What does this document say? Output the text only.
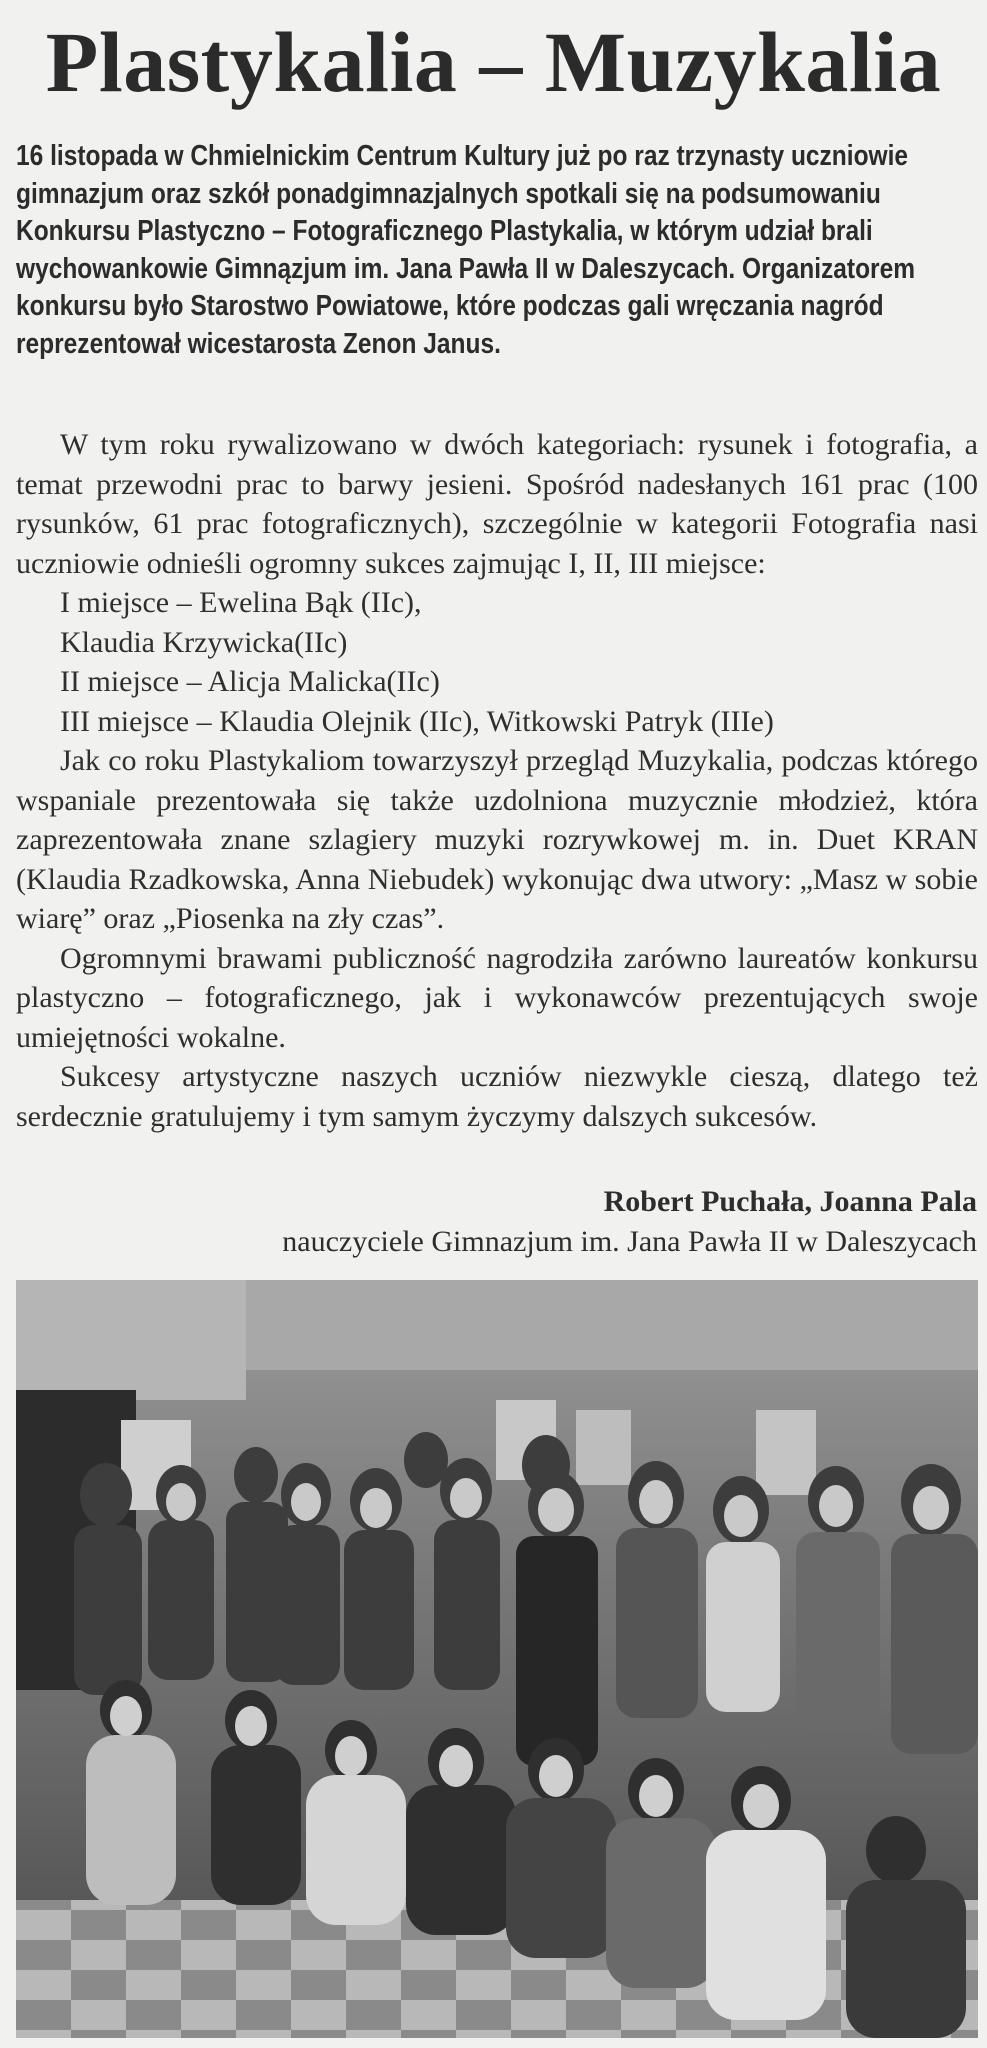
Plastykalia – Muzykalia

16 listopada w Chmielnickim Centrum Kultury już po raz trzynasty uczniowie gimnazjum oraz szkół ponadgimnazjalnych spotkali się na podsumowaniu Konkursu Plastyczno – Fotograficznego Plastykalia, w którym udział brali wychowankowie Gimnązjum im. Jana Pawła II w Daleszycach. Organizatorem konkursu było Starostwo Powiatowe, które podczas gali wręczania nagród reprezentował wicestarosta Zenon Janus.

W tym roku rywalizowano w dwóch kategoriach: rysunek i fotografia, a temat przewodni prac to barwy jesieni. Spośród nadesłanych 161 prac (100 rysunków, 61 prac fotograficznych), szczególnie w kategorii Fotografia nasi uczniowie odnieśli ogromny sukces zajmując I, II, III miejsce:

I miejsce – Ewelina Bąk (IIc),

Klaudia Krzywicka(IIc)

II miejsce – Alicja Malicka(IIc)

III miejsce – Klaudia Olejnik (IIc), Witkowski Patryk (IIIe)

Jak co roku Plastykaliom towarzyszył przegląd Muzykalia, podczas którego wspaniale prezentowała się także uzdolniona muzycznie młodzież, która zaprezentowała znane szlagiery muzyki rozrywkowej m. in. Duet KRAN (Klaudia Rzadkowska, Anna Niebudek) wykonując dwa utwory: „Masz w sobie wiarę” oraz „Piosenka na zły czas”.

Ogromnymi brawami publiczność nagrodziła zarówno laureatów konkursu plastyczno – fotograficznego, jak i wykonawców prezentujących swoje umiejętności wokalne.

Sukcesy artystyczne naszych uczniów niezwykle cieszą, dlatego też serdecznie gratulujemy i tym samym życzymy dalszych sukcesów.

Robert Puchała, Joanna Pala
nauczyciele Gimnazjum im. Jana Pawła II w Daleszycach
